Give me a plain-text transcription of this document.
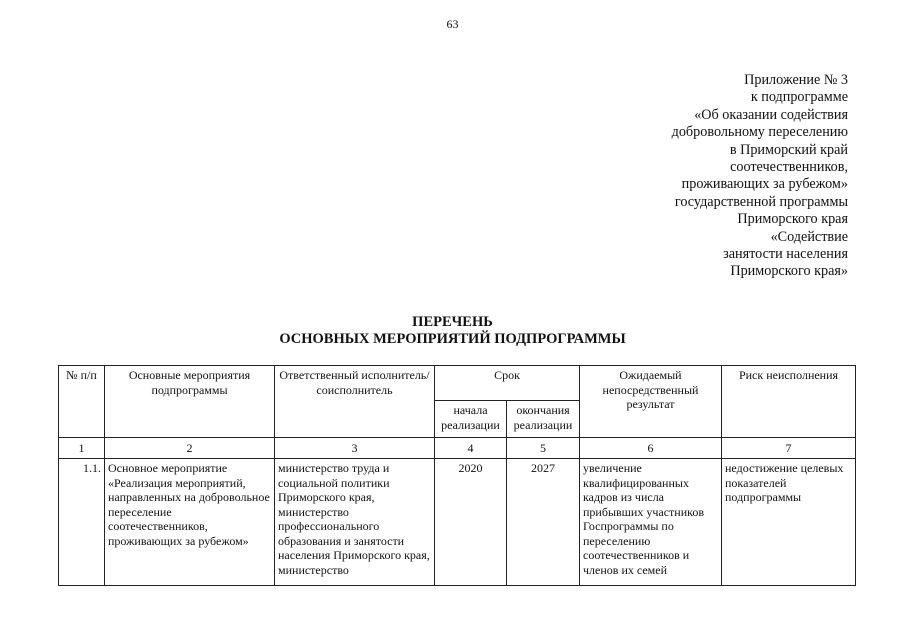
63
Приложение № 3
к подпрограмме
«Об оказании содействия
добровольному переселению
в Приморский край
соотечественников,
проживающих за рубежом»
государственной программы
Приморского края
«Содействие
занятости населения
Приморского края»
ПЕРЕЧЕНЬ
ОСНОВНЫХ МЕРОПРИЯТИЙ ПОДПРОГРАММЫ
№ п/п	Основные мероприятия подпрограммы	Ответственный исполнитель/соисполнитель	Срок		Ожидаемый непосредственный результат	Риск неисполнения
			начала реализации	окончания реализации		
1	2	3	4	5	6	7
1.1.	Основное мероприятие «Реализация мероприятий, направленных на добровольное переселение соотечественников, проживающих за рубежом»	министерство труда и социальной политики Приморского края, министерство профессионального образования и занятости населения Приморского края, министерство	2020	2027	увеличение квалифицированных кадров из числа прибывших участников Госпрограммы по переселению соотечественников и членов их семей	недостижение целевых показателей подпрограммы
